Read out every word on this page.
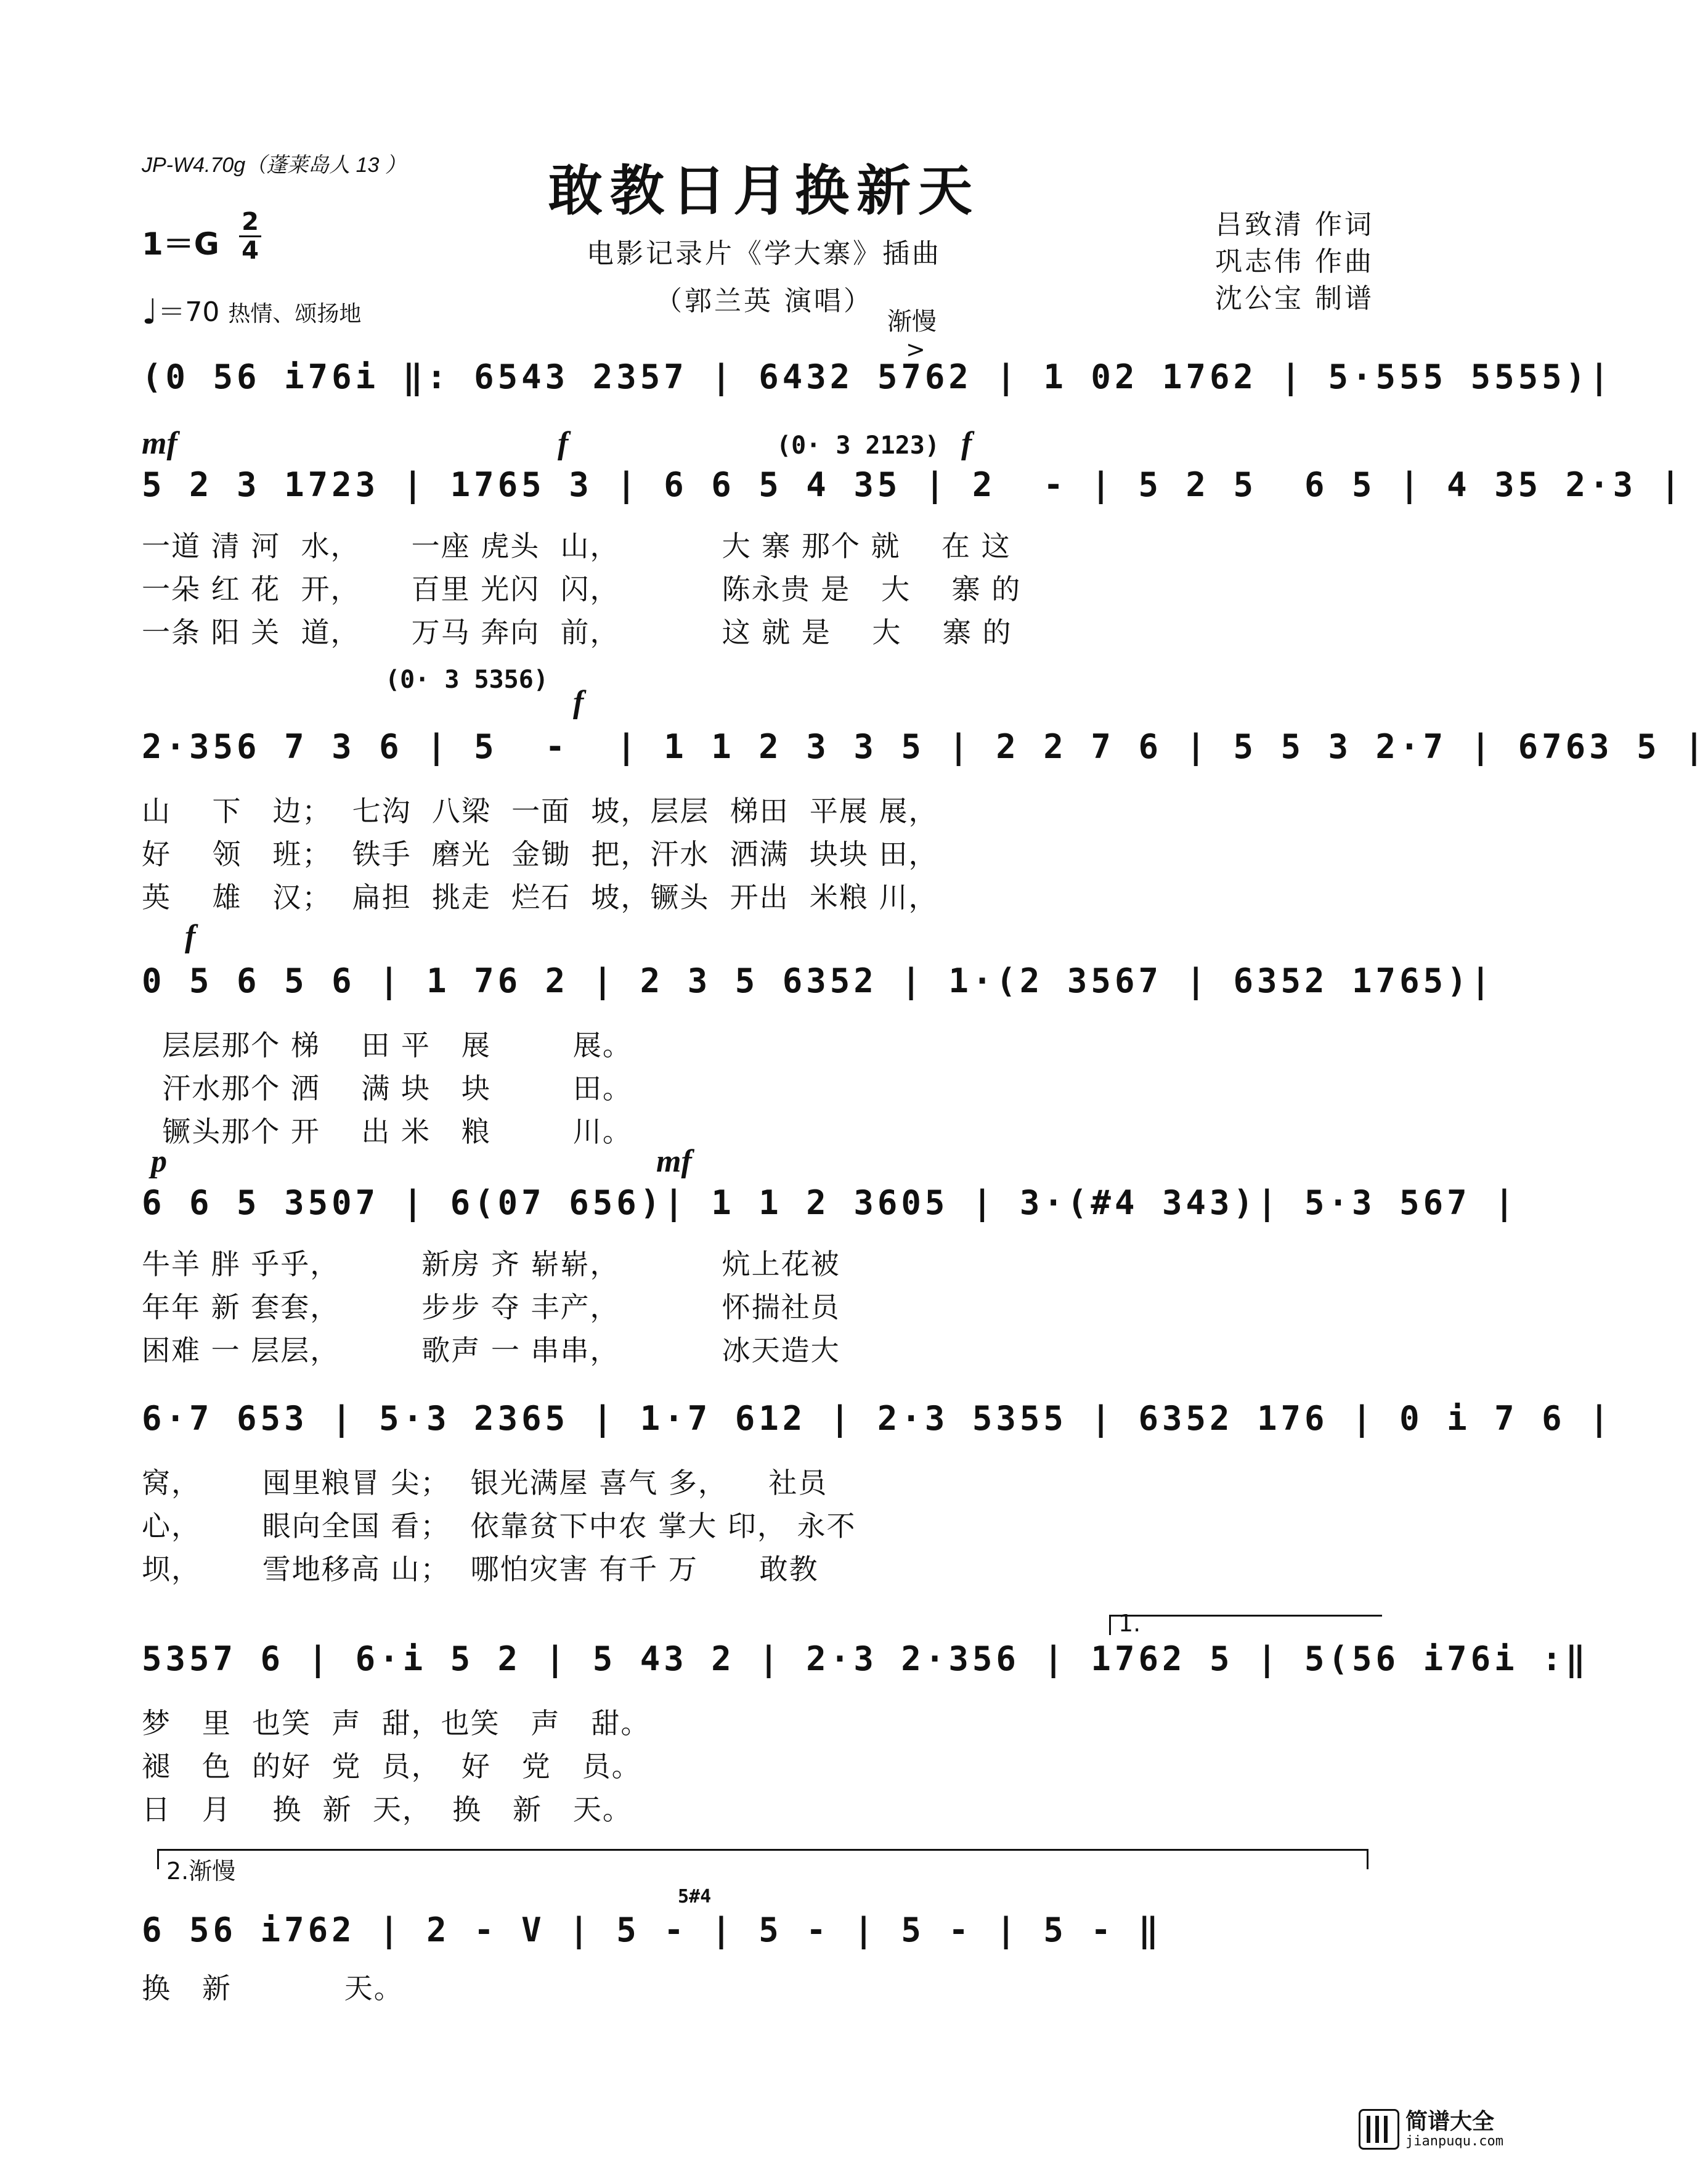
JP-W4.70g（蓬莱岛人 13 ）	敢教日月换新天
电影记录片《学大寨》插曲
（郭兰英 演唱）
吕致清 作词
巩志伟 作曲
沈公宝 制谱
1＝G
2
4
♩＝70 热情、颂扬地	渐慢
>
(0 56 i76i ‖: 6543 2357 | 6432 5762 | 1 02 1762 | 5·555 5555)|
mf	f	(0· 3 2123) f
5 2 3 1723 | 1765 3 | 6 6 5 4 35 | 2  - | 5 2 5  6 5 | 4 35 2·3 |
一道 清 河  水，     一座 虎头  山，          大 寨 那个 就    在 这
一朵 红 花  开，     百里 光闪  闪，          陈永贵 是   大    寨 的
一条 阳 关  道，     万马 奔向  前，          这 就 是    大    寨 的
(0· 3 5356)
f
2·356 7 3 6 | 5  -  | 1 1 2 3 3 5 | 2 2 7 6 | 5 5 3 2·7 | 6763 5 |
山    下   边；  七沟  八梁  一面  坡，层层  梯田  平展 展，
好    领   班；  铁手  磨光  金锄  把，汗水  洒满  块块 田，
英    雄   汉；  扁担  挑走  烂石  坡，镢头  开出  米粮 川，
f
0 5 6 5 6 | 1 76 2 | 2 3 5 6352 | 1·(2 3567 | 6352 1765)|
层层那个 梯    田 平   展        展。
汗水那个 洒    满 块   块        田。
镢头那个 开    出 米   粮        川。
p	mf
6 6 5 3507 | 6(07 656)| 1 1 2 3605 | 3·(#4 343)| 5·3 567 |
牛羊 胖 乎乎，        新房 齐 崭崭，          炕上花被
年年 新 套套，        步步 夺 丰产，          怀揣社员
困难 一 层层，        歌声 一 串串，          冰天造大
6·7 653 | 5·3 2365 | 1·7 612 | 2·3 5355 | 6352 176 | 0 i 7 6 |
窝，      囤里粮冒 尖；  银光满屋 喜气 多，    社员
心，      眼向全国 看；  依靠贫下中农 掌大 印， 永不
坝，      雪地移高 山；  哪怕灾害 有千 万      敢教
1.
5357 6 | 6·i 5 2 | 5 43 2 | 2·3 2·356 | 1762 5 | 5(56 i76i :‖
梦   里  也笑  声  甜，也笑   声   甜。
褪   色  的好  党  员，  好   党   员。
日   月    换  新  天，  换   新   天。
2.渐慢
5#4
6 56 i762 | 2 - V | 5 - | 5 - | 5 - | 5 - ‖
换   新           天。
简谱大全
jianpuqu.com
